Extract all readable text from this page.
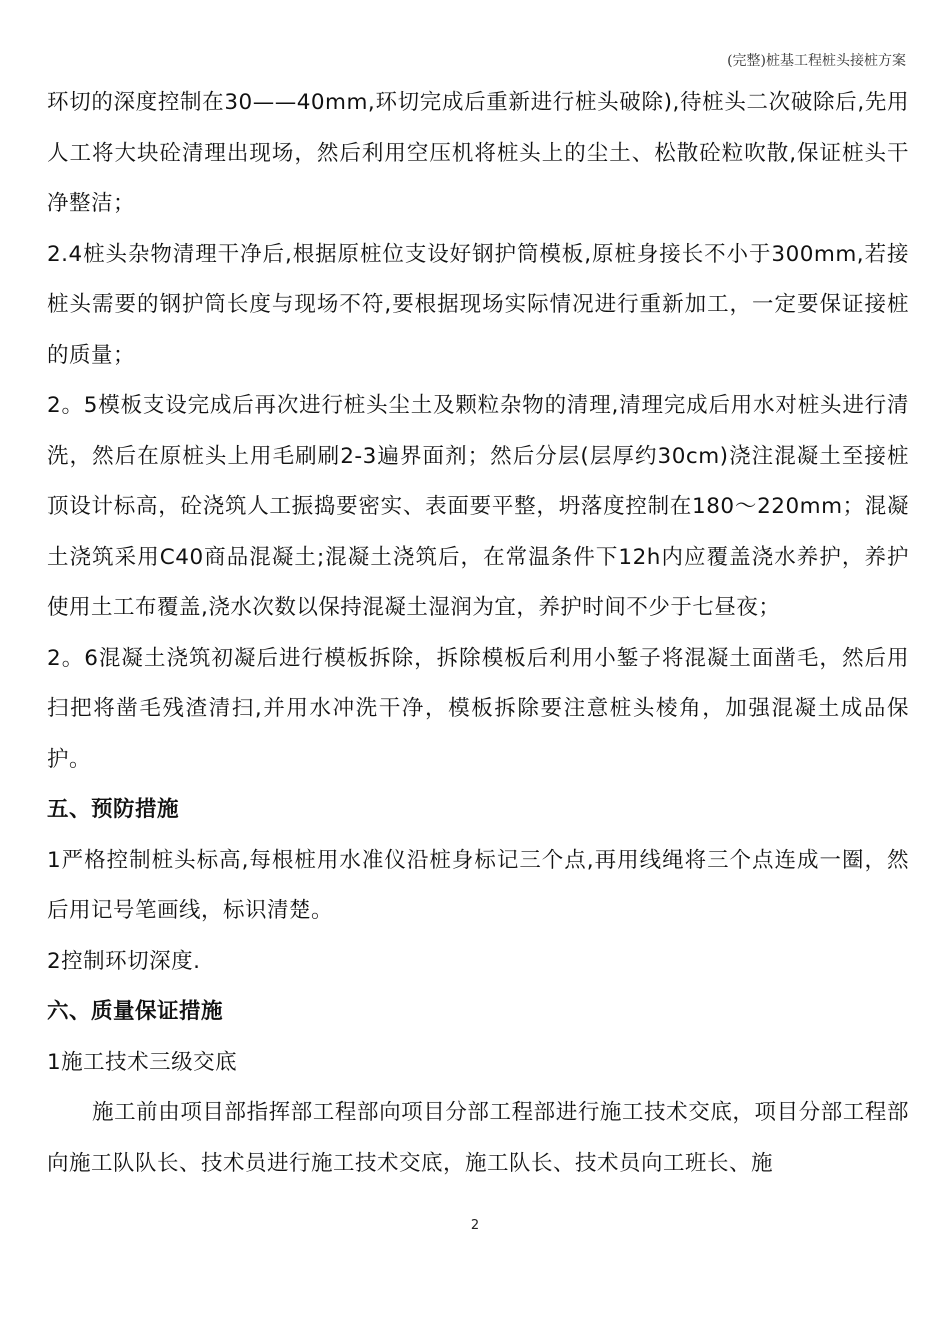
(完整)桩基工程桩头接桩方案

环切的深度控制在30——40mm,环切完成后重新进行桩头破除),待桩头二次破除后,先用人工将大块砼清理出现场，然后利用空压机将桩头上的尘土、松散砼粒吹散,保证桩头干净整洁；

2.4桩头杂物清理干净后,根据原桩位支设好钢护筒模板,原桩身接长不小于300mm,若接桩头需要的钢护筒长度与现场不符,要根据现场实际情况进行重新加工，一定要保证接桩的质量；

2。5模板支设完成后再次进行桩头尘土及颗粒杂物的清理,清理完成后用水对桩头进行清洗，然后在原桩头上用毛刷刷2-3遍界面剂；然后分层(层厚约30cm)浇注混凝土至接桩顶设计标高，砼浇筑人工振捣要密实、表面要平整，坍落度控制在180～220mm；混凝土浇筑采用C40商品混凝土;混凝土浇筑后，在常温条件下12h内应覆盖浇水养护，养护使用土工布覆盖,浇水次数以保持混凝土湿润为宜，养护时间不少于七昼夜；

2。6混凝土浇筑初凝后进行模板拆除，拆除模板后利用小錾子将混凝土面凿毛，然后用扫把将凿毛残渣清扫,并用水冲洗干净，模板拆除要注意桩头棱角，加强混凝土成品保护。

五、预防措施

1严格控制桩头标高,每根桩用水准仪沿桩身标记三个点,再用线绳将三个点连成一圈，然后用记号笔画线，标识清楚。

2控制环切深度.

六、质量保证措施

1施工技术三级交底

施工前由项目部指挥部工程部向项目分部工程部进行施工技术交底，项目分部工程部向施工队队长、技术员进行施工技术交底，施工队长、技术员向工班长、施

2
